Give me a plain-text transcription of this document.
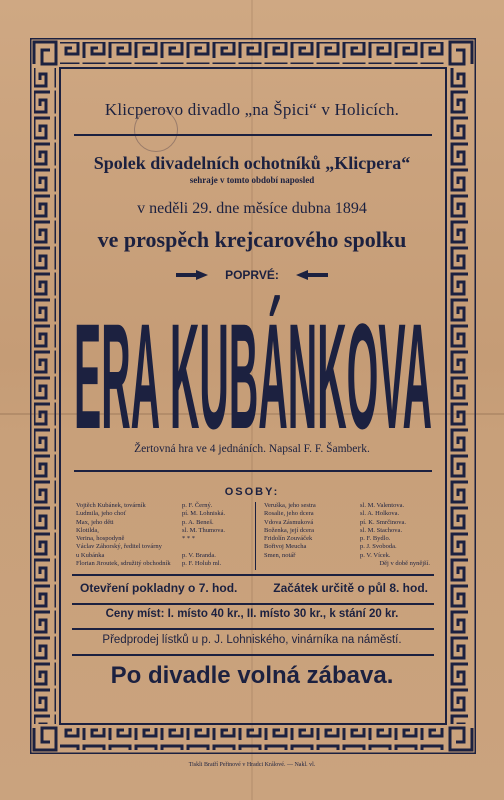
Klicperovo divadlo „na Špici“ v Holicích.
Spolek divadelních ochotníků „Klicpera“
sehraje v tomto období naposled
v neděli 29. dne měsíce dubna 1894
ve prospěch krejcarového spolku
POPRVÉ:
ERA KUBÁNKOVA
Žertovná hra ve 4 jednáních. Napsal F. F. Šamberk.
OSOBY:
Vojtěch Kubánek, továrník	p. F. Černý.
Ludmila, jeho choť	pí. M. Lohniská.
Max, jeho děti	p. A. Beneš.
Klotilda,	sl. M. Thumova.
Verina, hospodyně	* * *
Václav Záhorský, ředitel továrny
u Kubánka	p. V. Branda.
Florian Jiroutek, sdružitý obchodník	p. F. Holub ml.
Veruška, jeho sestra	sl. M. Valentova.
Rosalie, jeho dcera	sl. A. Holkova.
Vdova Zásmuková	pí. K. Smrčinova.
Boženka, její dcera	sl. M. Stachova.
Fridolín Zouváček	p. F. Bydlo.
Bořivoj Meucha	p. J. Svoboda.
Smen, notář	p. V. Vícek.
Děj v době nynější.
Otevření pokladny o 7. hod.	Začátek určitě o půl 8. hod.
Ceny míst: I. místo 40 kr., II. místo 30 kr., k stání 20 kr.
Předprodej lístků u p. J. Lohniského, vinárníka na náměstí.
Po divadle volná zábava.
Tiskli Bratří Peřinové v Hradci Králové. — Nakl. vl.
